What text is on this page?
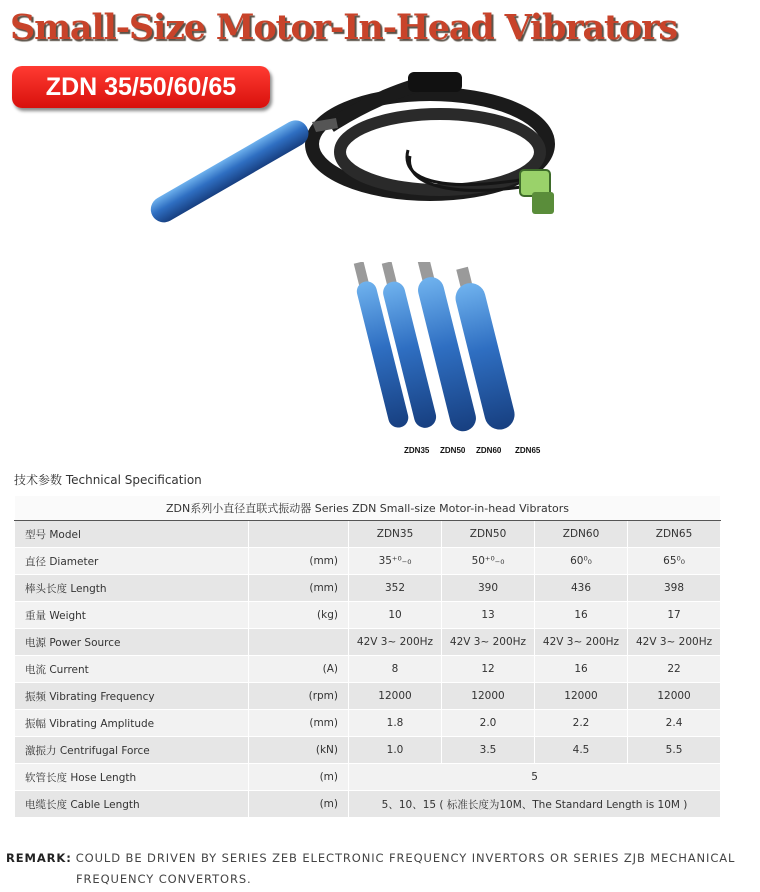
Small-Size Motor-In-Head Vibrators
ZDN 35/50/60/65
ZDN35 ZDN50 ZDN60 ZDN65
技术参数 Technical Specification
ZDN系列小直径直联式振动器 Series ZDN Small-size Motor-in-head Vibrators					
型号 Model		ZDN35	ZDN50	ZDN60	ZDN65
直径 Diameter	(mm)	35⁺⁰₋₀	50⁺⁰₋₀	60⁰₀	65⁰₀
棒头长度 Length	(mm)	352	390	436	398
重量 Weight	(kg)	10	13	16	17
电源 Power Source		42V 3~ 200Hz	42V 3~ 200Hz	42V 3~ 200Hz	42V 3~ 200Hz
电流 Current	(A)	8	12	16	22
振频 Vibrating Frequency	(rpm)	12000	12000	12000	12000
振幅 Vibrating Amplitude	(mm)	1.8	2.0	2.2	2.4
激振力 Centrifugal Force	(kN)	1.0	3.5	4.5	5.5
软管长度 Hose Length	(m)	5			
电缆长度 Cable Length	(m)	5、10、15 ( 标准长度为10M、The Standard Length is 10M )			
REMARK: COULD BE DRIVEN BY SERIES ZEB ELECTRONIC FREQUENCY INVERTORS OR SERIES ZJB MECHANICAL
FREQUENCY CONVERTORS.
